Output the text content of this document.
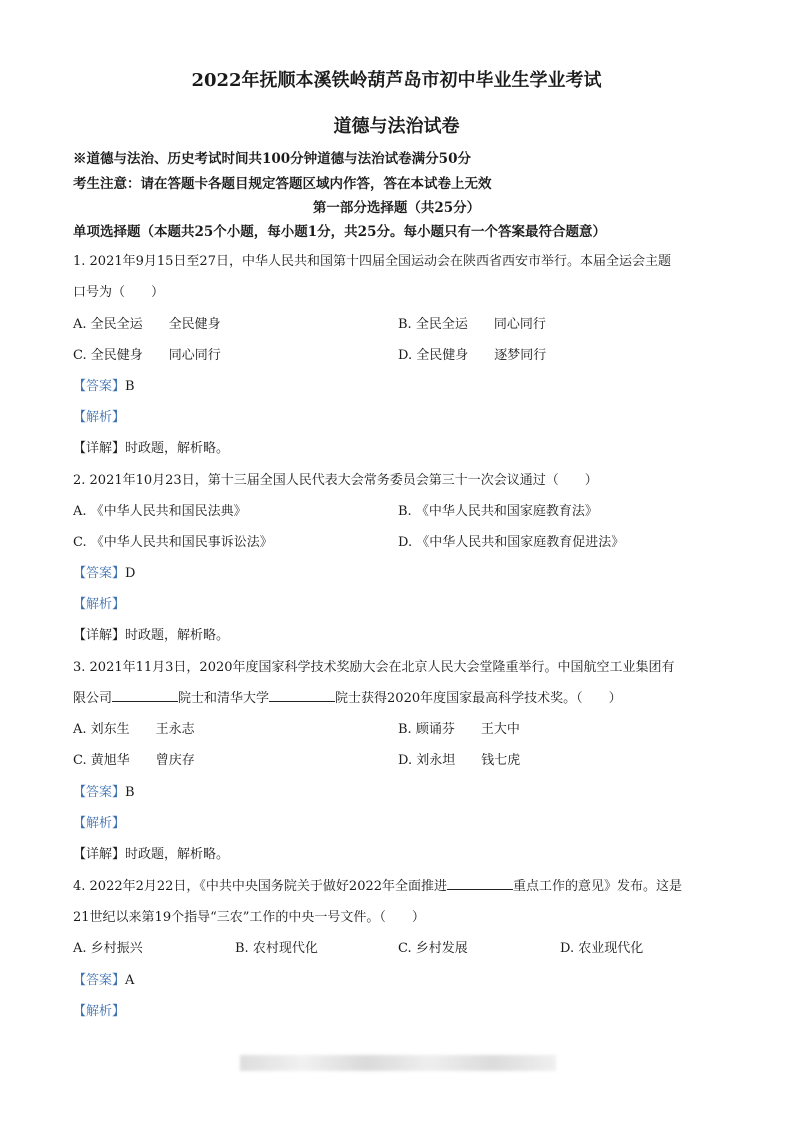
2022年抚顺本溪铁岭葫芦岛市初中毕业生学业考试
道德与法治试卷
※道德与法治、历史考试时间共100分钟道德与法治试卷满分50分
考生注意：请在答题卡各题目规定答题区域内作答，答在本试卷上无效
第一部分选择题（共25分）
单项选择题（本题共25个小题，每小题1分，共25分。每小题只有一个答案最符合题意）
1. 2021年9月15日至27日，中华人民共和国第十四届全国运动会在陕西省西安市举行。本届全运会主题
口号为（　　）
A. 全民全运　　全民健身	B. 全民全运　　同心同行
C. 全民健身　　同心同行	D. 全民健身　　逐梦同行
【答案】B
【解析】
【详解】时政题，解析略。
2. 2021年10月23日，第十三届全国人民代表大会常务委员会第三十一次会议通过（　　）
A. 《中华人民共和国民法典》	B. 《中华人民共和国家庭教育法》
C. 《中华人民共和国民事诉讼法》	D. 《中华人民共和国家庭教育促进法》
【答案】D
【解析】
【详解】时政题，解析略。
3. 2021年11月3日，2020年度国家科学技术奖励大会在北京人民大会堂隆重举行。中国航空工业集团有
限公司	院士和清华大学	院士获得2020年度国家最高科学技术奖。（　　）
A. 刘东生　　王永志	B. 顾诵芬　　王大中
C. 黄旭华　　曾庆存	D. 刘永坦　　钱七虎
【答案】B
【解析】
【详解】时政题，解析略。
4. 2022年2月22日，《中共中央国务院关于做好2022年全面推进	重点工作的意见》发布。这是
21世纪以来第19个指导“三农”工作的中央一号文件。（　　）
A. 乡村振兴	B. 农村现代化	C. 乡村发展	D. 农业现代化
【答案】A
【解析】
